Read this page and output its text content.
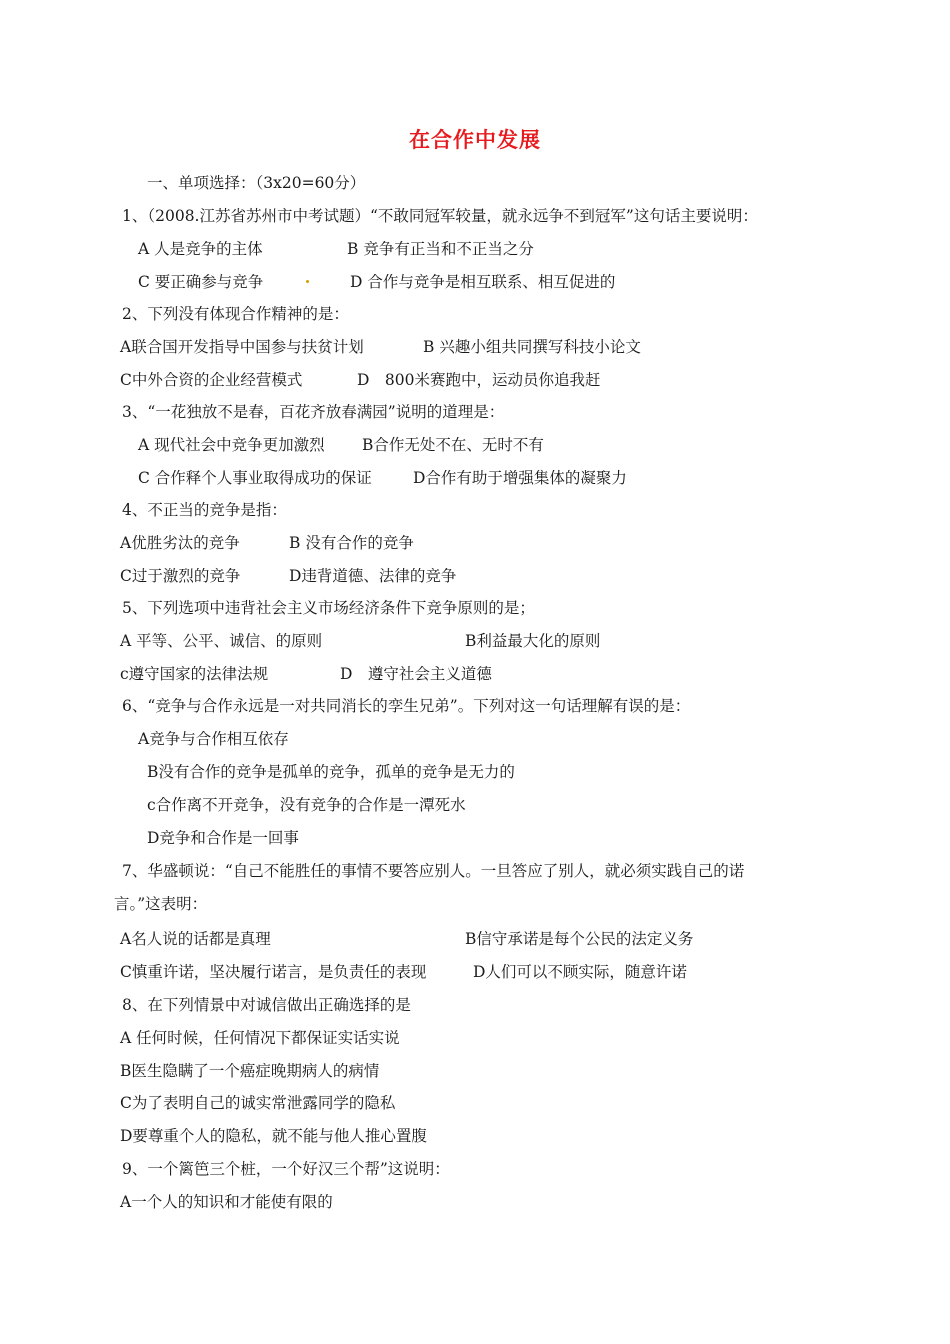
在合作中发展
一、单项选择：（3x20=60分）
1、（2008.江苏省苏州市中考试题）“不敢同冠军较量，就永远争不到冠军”这句话主要说明：
A 人是竞争的主体	B 竞争有正当和不正当之分
C 要正确参与竞争	D 合作与竞争是相互联系、相互促进的
2、下列没有体现合作精神的是：
A联合国开发指导中国参与扶贫计划	B 兴趣小组共同撰写科技小论文
C中外合资的企业经营模式	D　800米赛跑中，运动员你追我赶
3、“一花独放不是春，百花齐放春满园”说明的道理是：
A 现代社会中竞争更加激烈 B合作无处不在、无时不有
C 合作释个人事业取得成功的保证	D合作有助于增强集体的凝聚力
4、不正当的竞争是指：
A优胜劣汰的竞争	B 没有合作的竞争
C过于激烈的竞争	D违背道德、法律的竞争
5、下列选项中违背社会主义市场经济条件下竞争原则的是；
A 平等、公平、诚信、的原则	B利益最大化的原则
c遵守国家的法律法规	D　遵守社会主义道德
6、“竞争与合作永远是一对共同消长的孪生兄弟”。下列对这一句话理解有误的是：
A竞争与合作相互依存
B没有合作的竞争是孤单的竞争，孤单的竞争是无力的
c合作离不开竞争，没有竞争的合作是一潭死水
D竞争和合作是一回事
7、华盛顿说：“自己不能胜任的事情不要答应别人。一旦答应了别人，就必须实践自己的诺
言。”这表明：
A名人说的话都是真理	B信守承诺是每个公民的法定义务
C慎重许诺，坚决履行诺言，是负责任的表现	D人们可以不顾实际，随意许诺
8、在下列情景中对诚信做出正确选择的是
A 任何时候，任何情况下都保证实话实说
B医生隐瞒了一个癌症晚期病人的病情
C为了表明自己的诚实常泄露同学的隐私
D要尊重个人的隐私，就不能与他人推心置腹
9、一个篱笆三个桩，一个好汉三个帮”这说明：
A一个人的知识和才能使有限的
